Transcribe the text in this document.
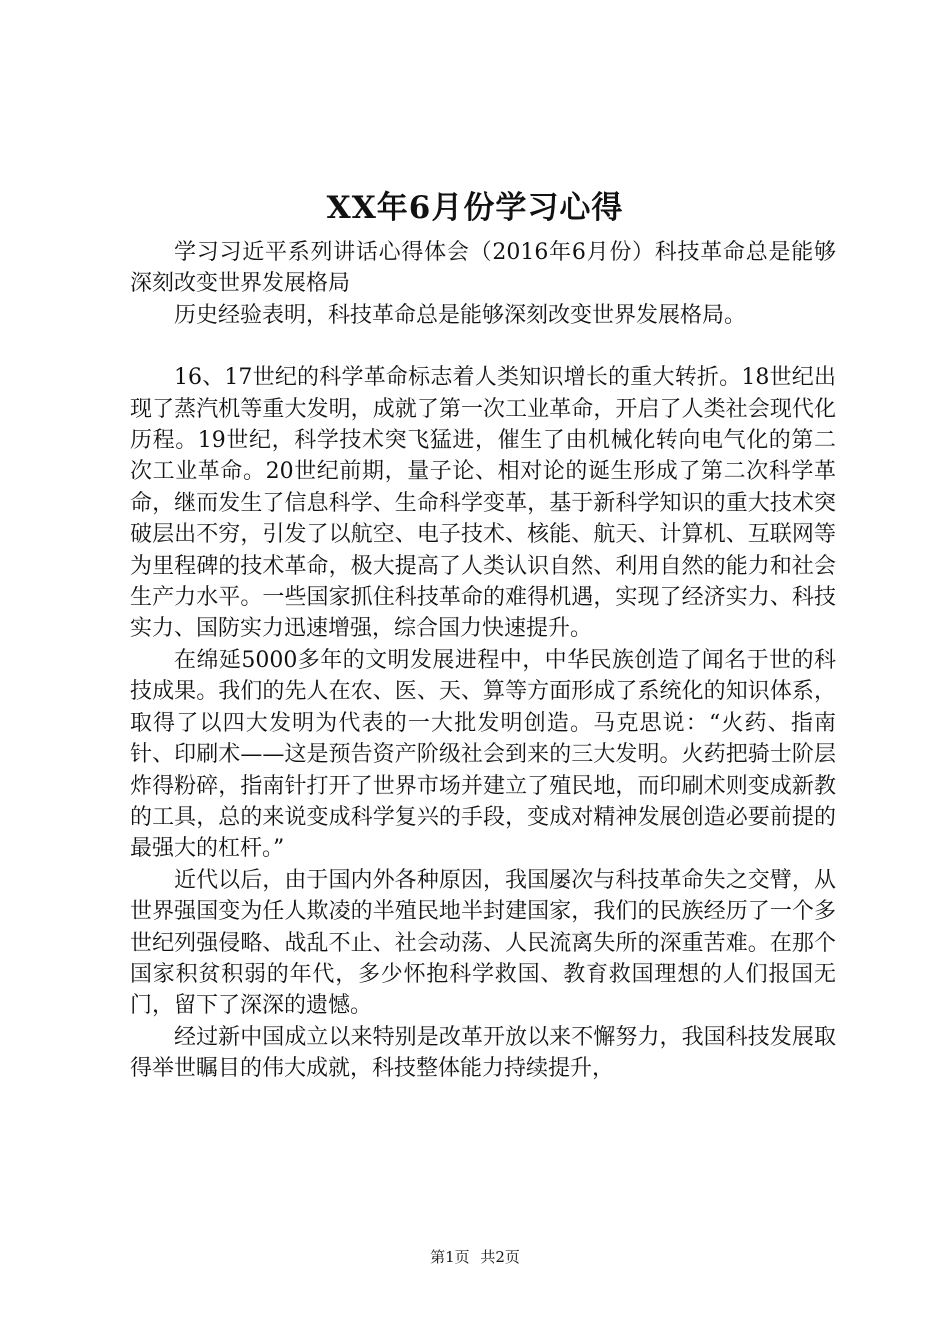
XX年6月份学习心得

学习习近平系列讲话心得体会（2016年6月份）科技革命总是能够深刻改变世界发展格局

历史经验表明，科技革命总是能够深刻改变世界发展格局。

16、17世纪的科学革命标志着人类知识增长的重大转折。18世纪出现了蒸汽机等重大发明，成就了第一次工业革命，开启了人类社会现代化历程。19世纪，科学技术突飞猛进，催生了由机械化转向电气化的第二次工业革命。20世纪前期，量子论、相对论的诞生形成了第二次科学革命，继而发生了信息科学、生命科学变革，基于新科学知识的重大技术突破层出不穷，引发了以航空、电子技术、核能、航天、计算机、互联网等为里程碑的技术革命，极大提高了人类认识自然、利用自然的能力和社会生产力水平。一些国家抓住科技革命的难得机遇，实现了经济实力、科技实力、国防实力迅速增强，综合国力快速提升。

在绵延5000多年的文明发展进程中，中华民族创造了闻名于世的科技成果。我们的先人在农、医、天、算等方面形成了系统化的知识体系，取得了以四大发明为代表的一大批发明创造。马克思说：“火药、指南针、印刷术——这是预告资产阶级社会到来的三大发明。火药把骑士阶层炸得粉碎，指南针打开了世界市场并建立了殖民地，而印刷术则变成新教的工具，总的来说变成科学复兴的手段，变成对精神发展创造必要前提的最强大的杠杆。”

近代以后，由于国内外各种原因，我国屡次与科技革命失之交臂，从世界强国变为任人欺凌的半殖民地半封建国家，我们的民族经历了一个多世纪列强侵略、战乱不止、社会动荡、人民流离失所的深重苦难。在那个国家积贫积弱的年代，多少怀抱科学救国、教育救国理想的人们报国无门，留下了深深的遗憾。

经过新中国成立以来特别是改革开放以来不懈努力，我国科技发展取得举世瞩目的伟大成就，科技整体能力持续提升，

第1页 共2页
